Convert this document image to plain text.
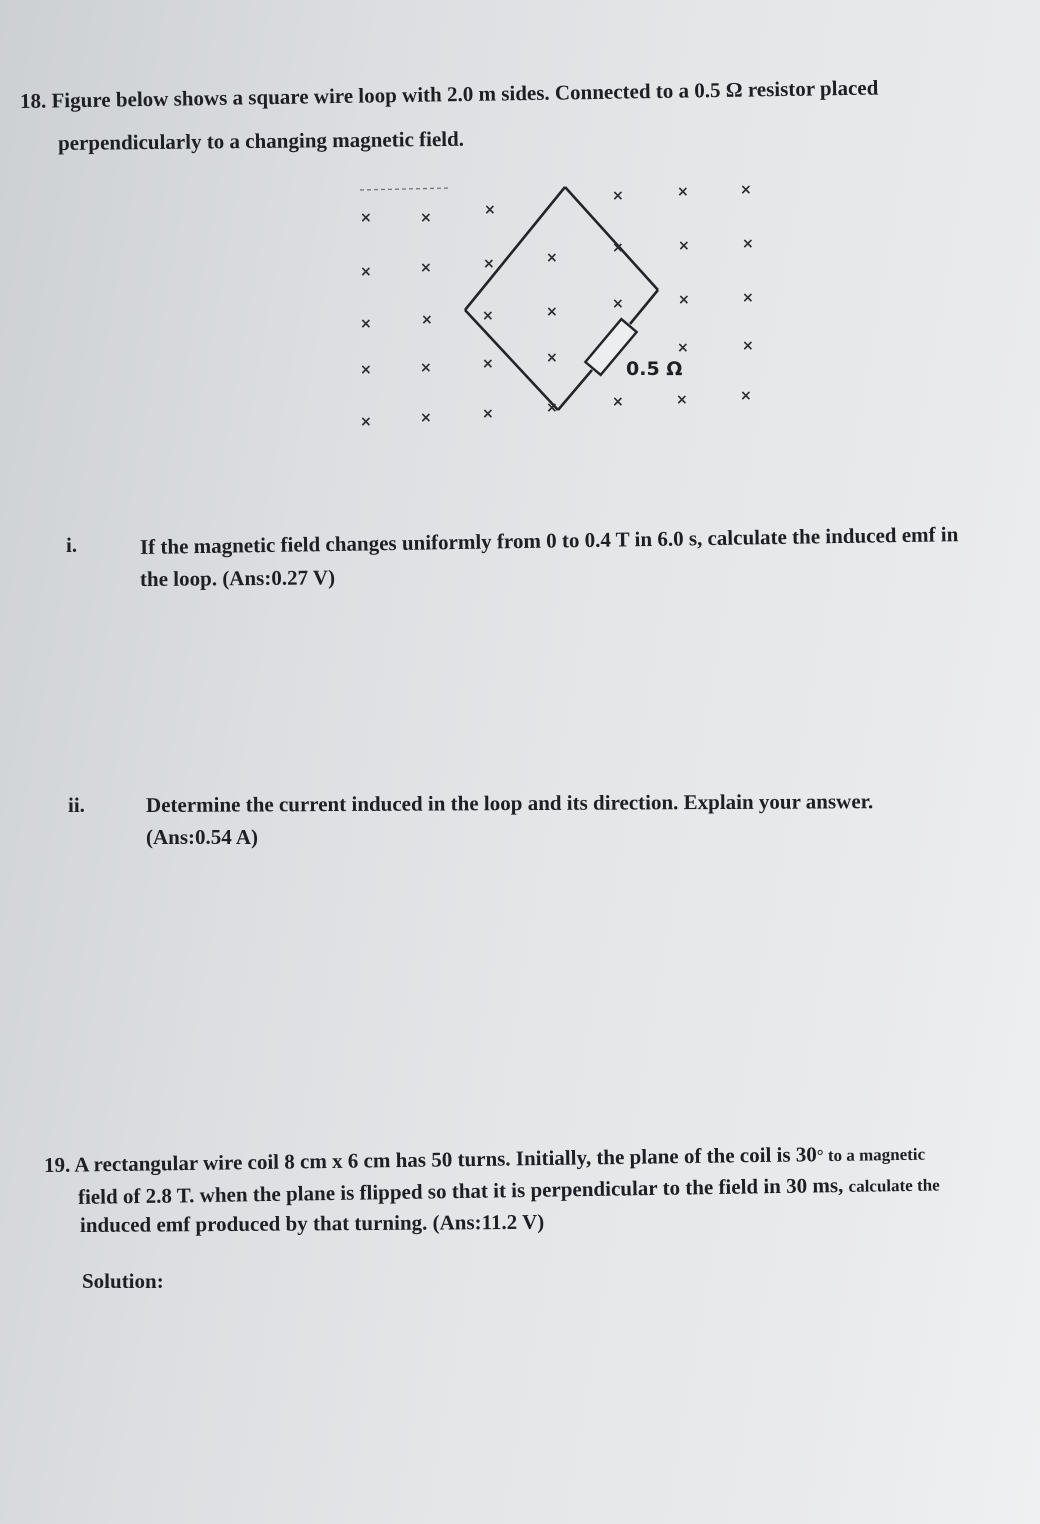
18. Figure below shows a square wire loop with 2.0 m sides. Connected to a 0.5 Ω resistor placed
perpendicularly to a changing magnetic field.
0.5 Ω
×	×	×
×	×	×
×	×	×	×
×	×	×
×	×	×	×	×	×	×
×	×	×	×
×	×
×	×	×	×	×	×	×
i.	If the magnetic field changes uniformly from 0 to 0.4 T in 6.0 s, calculate the induced emf in
the loop. (Ans:0.27 V)
ii.	Determine the current induced in the loop and its direction. Explain your answer.
(Ans:0.54 A)
19. A rectangular wire coil 8 cm x 6 cm has 50 turns. Initially, the plane of the coil is 30° to a magnetic
field of 2.8 T. when the plane is flipped so that it is perpendicular to the field in 30 ms, calculate the
induced emf produced by that turning. (Ans:11.2 V)
Solution:
